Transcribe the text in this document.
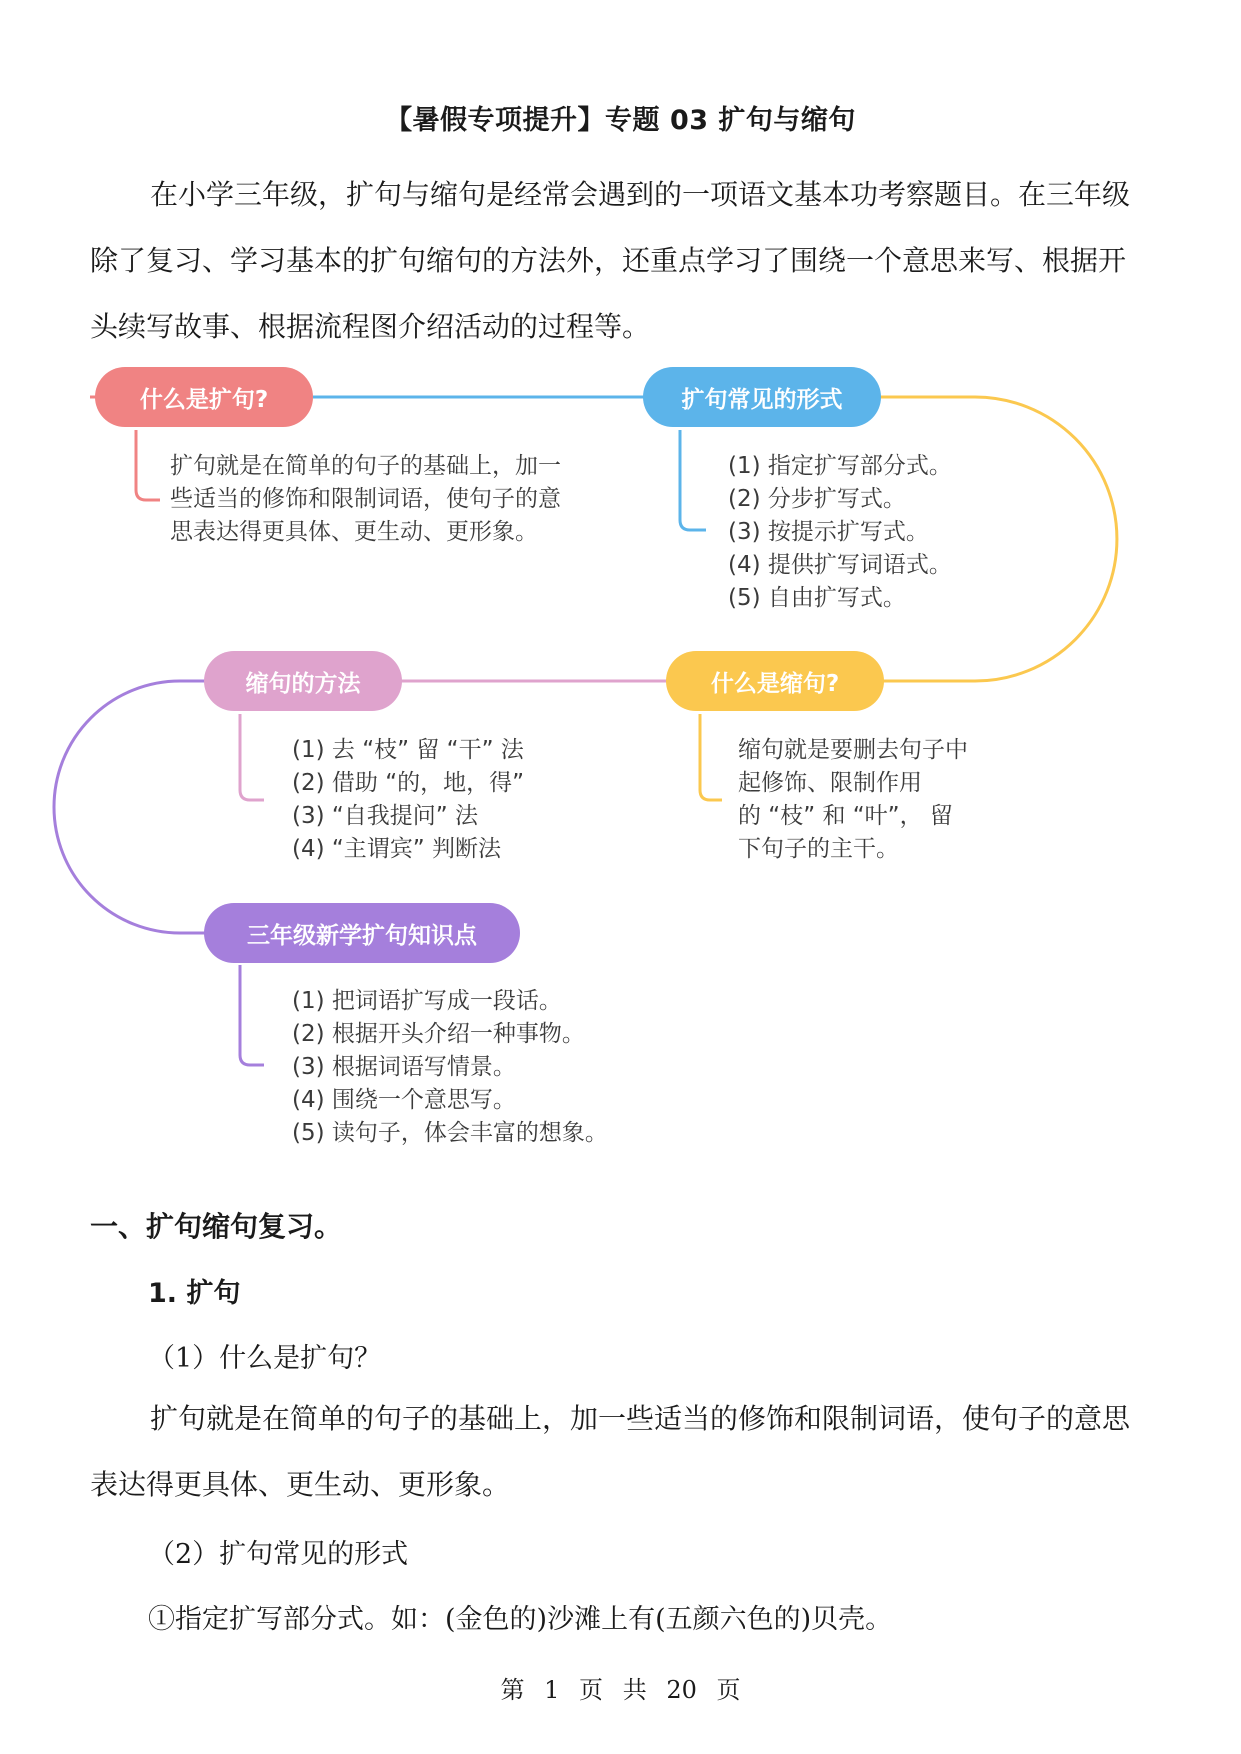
【暑假专项提升】专题 03 扩句与缩句

在小学三年级，扩句与缩句是经常会遇到的一项语文基本功考察题目。在三年级除了复习、学习基本的扩句缩句的方法外，还重点学习了围绕一个意思来写、根据开头续写故事、根据流程图介绍活动的过程等。

什么是扩句?	扩句常见的形式
什么是缩句?
缩句的方法
三年级新学扩句知识点
扩句就是在简单的句子的基础上，加一
些适当的修饰和限制词语，使句子的意
思表达得更具体、更生动、更形象。
(1) 指定扩写部分式。
(2) 分步扩写式。
(3) 按提示扩写式。
(4) 提供扩写词语式。
(5) 自由扩写式。
缩句就是要删去句子中
起修饰、限制作用
的 “枝” 和 “叶”， 留
下句子的主干。
(1) 去 “枝” 留 “干” 法
(2) 借助 “的，地，得”
(3) “自我提问” 法
(4) “主谓宾” 判断法
(1) 把词语扩写成一段话。
(2) 根据开头介绍一种事物。
(3) 根据词语写情景。
(4) 围绕一个意思写。
(5) 读句子，体会丰富的想象。
一、扩句缩句复习。
1. 扩句
（1）什么是扩句？

扩句就是在简单的句子的基础上，加一些适当的修饰和限制词语，使句子的意思表达得更具体、更生动、更形象。

（2）扩句常见的形式
①指定扩写部分式。如：(金色的)沙滩上有(五颜六色的)贝壳。
第 1 页 共 20 页
